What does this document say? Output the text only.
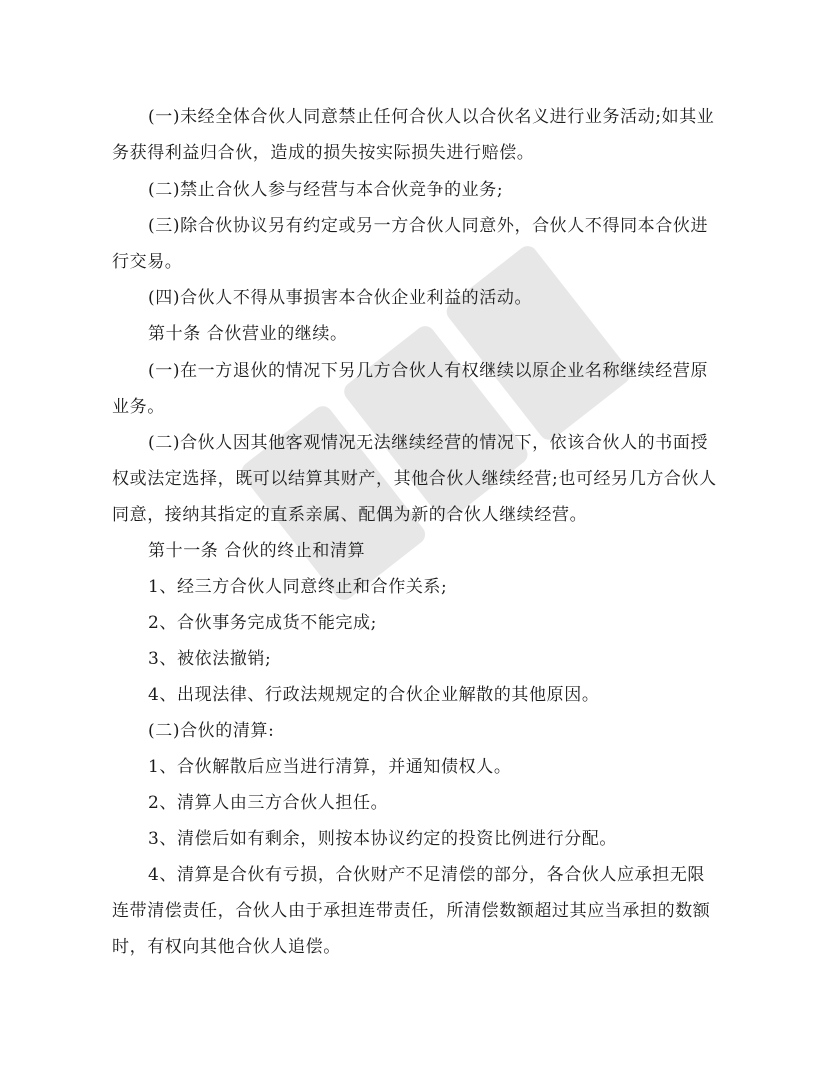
(一)未经全体合伙人同意禁止任何合伙人以合伙名义进行业务活动;如其业务获得利益归合伙，造成的损失按实际损失进行赔偿。

(二)禁止合伙人参与经营与本合伙竞争的业务;

(三)除合伙协议另有约定或另一方合伙人同意外，合伙人不得同本合伙进行交易。

(四)合伙人不得从事损害本合伙企业利益的活动。

第十条 合伙营业的继续。

(一)在一方退伙的情况下另几方合伙人有权继续以原企业名称继续经营原业务。

(二)合伙人因其他客观情况无法继续经营的情况下，依该合伙人的书面授权或法定选择，既可以结算其财产，其他合伙人继续经营;也可经另几方合伙人同意，接纳其指定的直系亲属、配偶为新的合伙人继续经营。

第十一条 合伙的终止和清算

1、经三方合伙人同意终止和合作关系;

2、合伙事务完成货不能完成;

3、被依法撤销;

4、出现法律、行政法规规定的合伙企业解散的其他原因。

(二)合伙的清算:

1、合伙解散后应当进行清算，并通知债权人。

2、清算人由三方合伙人担任。

3、清偿后如有剩余，则按本协议约定的投资比例进行分配。

4、清算是合伙有亏损，合伙财产不足清偿的部分，各合伙人应承担无限连带清偿责任，合伙人由于承担连带责任，所清偿数额超过其应当承担的数额时，有权向其他合伙人追偿。
